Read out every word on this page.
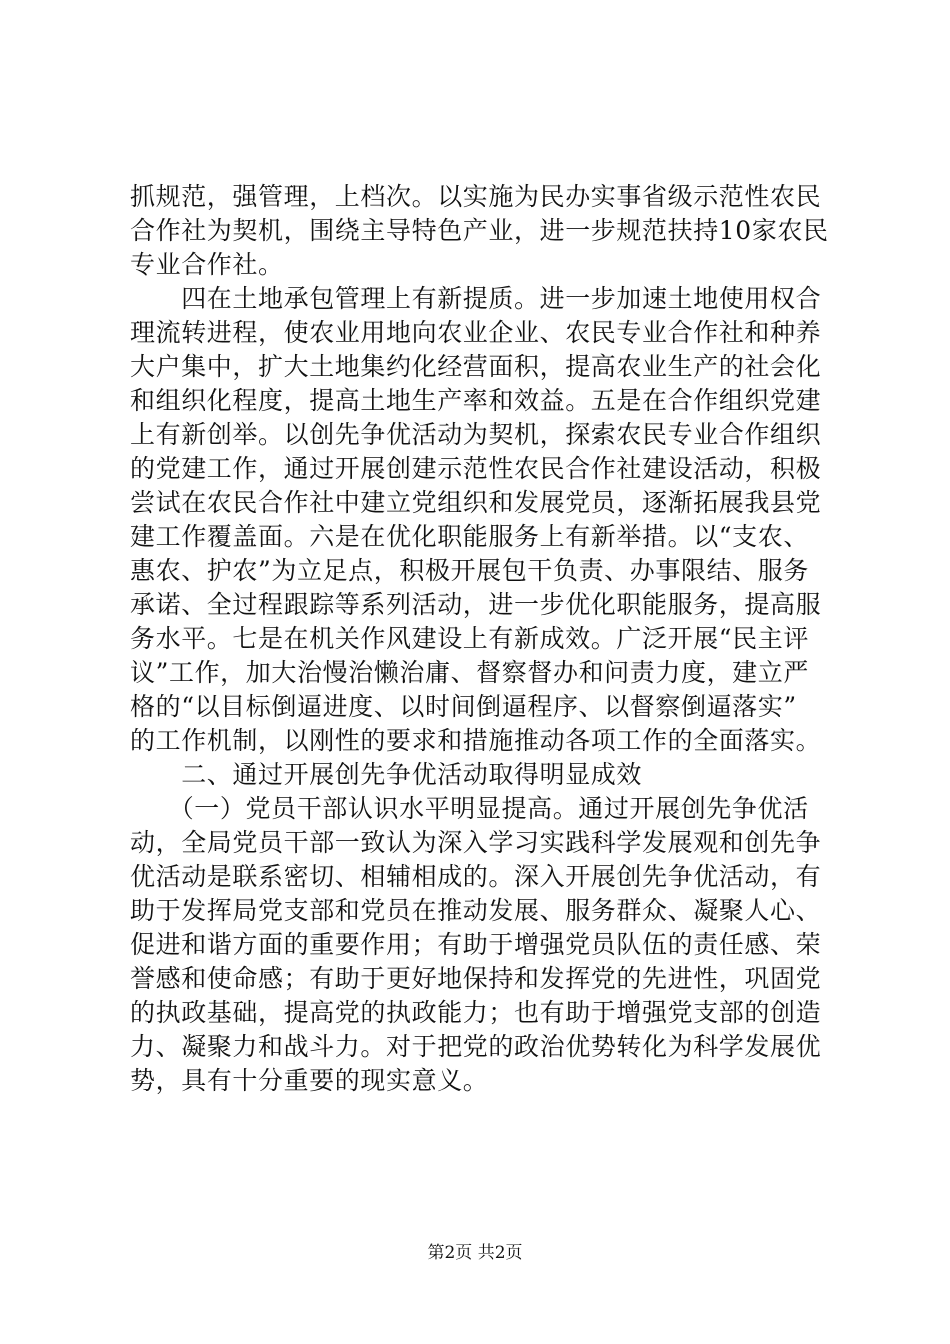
抓规范，强管理，上档次。以实施为民办实事省级示范性农民
合作社为契机，围绕主导特色产业，进一步规范扶持10家农民
专业合作社。
　　四在土地承包管理上有新提质。进一步加速土地使用权合
理流转进程，使农业用地向农业企业、农民专业合作社和种养
大户集中，扩大土地集约化经营面积，提高农业生产的社会化
和组织化程度，提高土地生产率和效益。五是在合作组织党建
上有新创举。以创先争优活动为契机，探索农民专业合作组织
的党建工作，通过开展创建示范性农民合作社建设活动，积极
尝试在农民合作社中建立党组织和发展党员，逐渐拓展我县党
建工作覆盖面。六是在优化职能服务上有新举措。以“支农、
惠农、护农”为立足点，积极开展包干负责、办事限结、服务
承诺、全过程跟踪等系列活动，进一步优化职能服务，提高服
务水平。七是在机关作风建设上有新成效。广泛开展“民主评
议”工作，加大治慢治懒治庸、督察督办和问责力度，建立严
格的“以目标倒逼进度、以时间倒逼程序、以督察倒逼落实”
的工作机制，以刚性的要求和措施推动各项工作的全面落实。
　　二、通过开展创先争优活动取得明显成效
　　（一）党员干部认识水平明显提高。通过开展创先争优活
动，全局党员干部一致认为深入学习实践科学发展观和创先争
优活动是联系密切、相辅相成的。深入开展创先争优活动，有
助于发挥局党支部和党员在推动发展、服务群众、凝聚人心、
促进和谐方面的重要作用；有助于增强党员队伍的责任感、荣
誉感和使命感；有助于更好地保持和发挥党的先进性，巩固党
的执政基础，提高党的执政能力；也有助于增强党支部的创造
力、凝聚力和战斗力。对于把党的政治优势转化为科学发展优
势，具有十分重要的现实意义。
第2页 共2页
